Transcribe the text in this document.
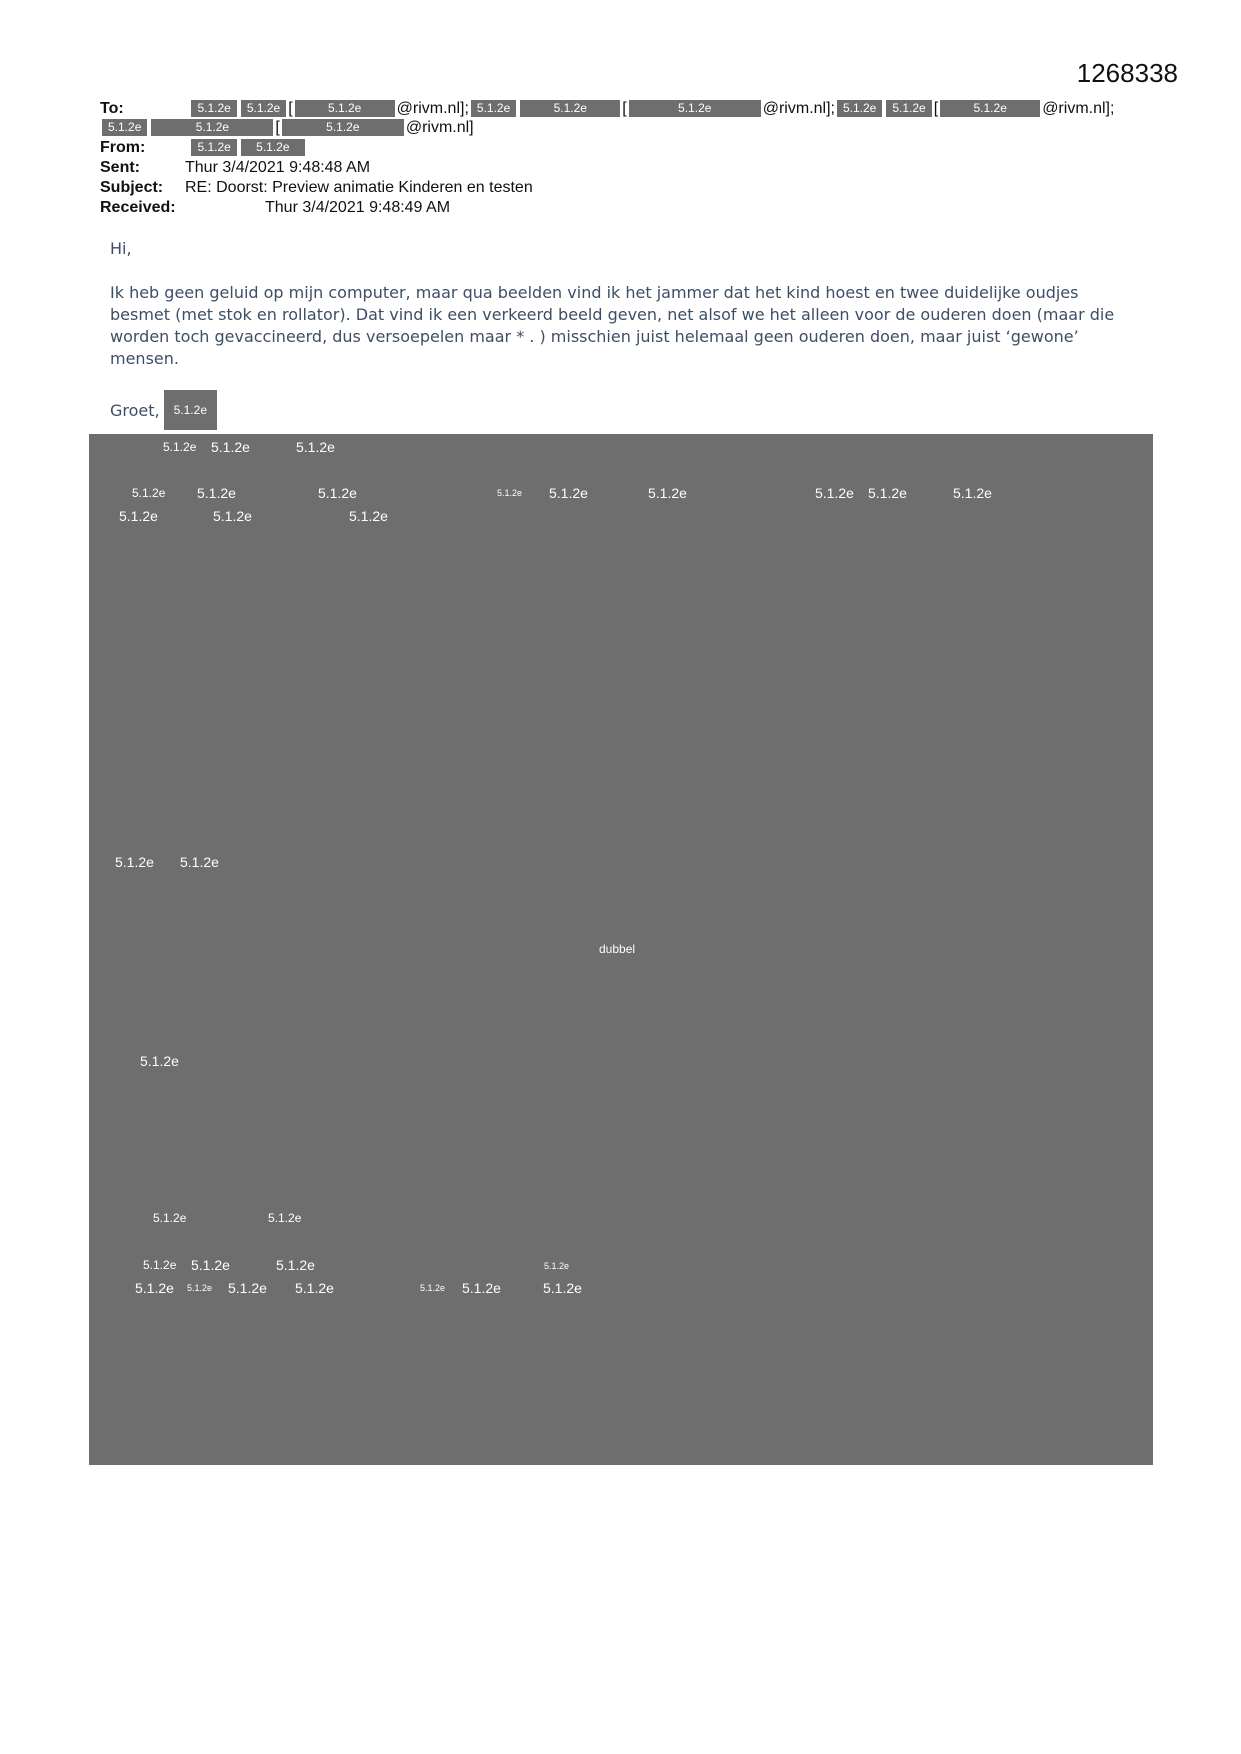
1268338
To:	5.1.2e 5.1.2e [	5.1.2e @rivm.nl]; 5.1.2e	5.1.2e [	5.1.2e	@rivm.nl]; 5.1.2e 5.1.2e [	5.1.2e @rivm.nl];
5.1.2e	5.1.2e	[	5.1.2e	@rivm.nl]
From:	5.1.2e 5.1.2e
Sent:	Thur 3/4/2021 9:48:48 AM
Subject: RE: Doorst: Preview animatie Kinderen en testen
Received:	Thur 3/4/2021 9:48:49 AM
Hi,
Ik heb geen geluid op mijn computer, maar qua beelden vind ik het jammer dat het kind hoest en twee duidelijke oudjes besmet (met stok en rollator). Dat vind ik een verkeerd beeld geven, net alsof we het alleen voor de ouderen doen (maar die worden toch gevaccineerd, dus versoepelen maar * . ) misschien juist helemaal geen ouderen doen, maar juist ‘gewone’ mensen.
Groet, 5.1.2e
5.1.2e 5.1.2e	5.1.2e
5.1.2e 5.1.2e	5.1.2e	5.1.2e 5.1.2e	5.1.2e	5.1.2e 5.1.2e	5.1.2e
5.1.2e	5.1.2e	5.1.2e
5.1.2e 5.1.2e
dubbel
5.1.2e
5.1.2e	5.1.2e
5.1.2e 5.1.2e	5.1.2e	5.1.2e
5.1.2e 5.1.2e 5.1.2e 5.1.2e	5.1.2e 5.1.2e	5.1.2e
